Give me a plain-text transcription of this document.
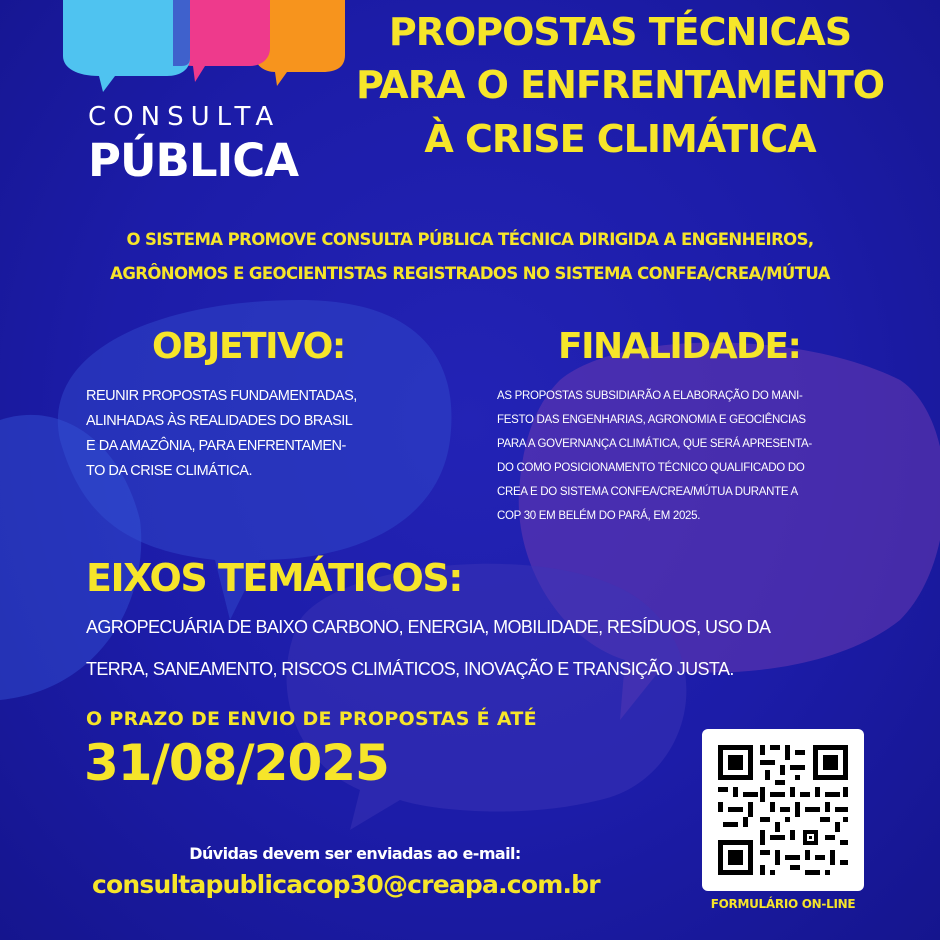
CONSULTA
PÚBLICA
PROPOSTAS TÉCNICAS
PARA O ENFRENTAMENTO
À CRISE CLIMÁTICA
O SISTEMA PROMOVE CONSULTA PÚBLICA TÉCNICA DIRIGIDA A ENGENHEIROS,
AGRÔNOMOS E GEOCIENTISTAS REGISTRADOS NO SISTEMA CONFEA/CREA/MÚTUA
OBJETIVO:
REUNIR PROPOSTAS FUNDAMENTADAS,
ALINHADAS ÀS REALIDADES DO BRASIL
E DA AMAZÔNIA, PARA ENFRENTAMEN-
TO DA CRISE CLIMÁTICA.
FINALIDADE:
AS PROPOSTAS SUBSIDIARÃO A ELABORAÇÃO DO MANI-
FESTO DAS ENGENHARIAS, AGRONOMIA E GEOCIÊNCIAS
PARA A GOVERNANÇA CLIMÁTICA, QUE SERÁ APRESENTA-
DO COMO POSICIONAMENTO TÉCNICO QUALIFICADO DO
CREA E DO SISTEMA CONFEA/CREA/MÚTUA DURANTE A
COP 30 EM BELÉM DO PARÁ, EM 2025.
EIXOS TEMÁTICOS:
AGROPECUÁRIA DE BAIXO CARBONO, ENERGIA, MOBILIDADE, RESÍDUOS, USO DA
TERRA, SANEAMENTO, RISCOS CLIMÁTICOS, INOVAÇÃO E TRANSIÇÃO JUSTA.
O PRAZO DE ENVIO DE PROPOSTAS É ATÉ
31/08/2025
Dúvidas devem ser enviadas ao e-mail:
consultapublicacop30@creapa.com.br
FORMULÁRIO ON-LINE
